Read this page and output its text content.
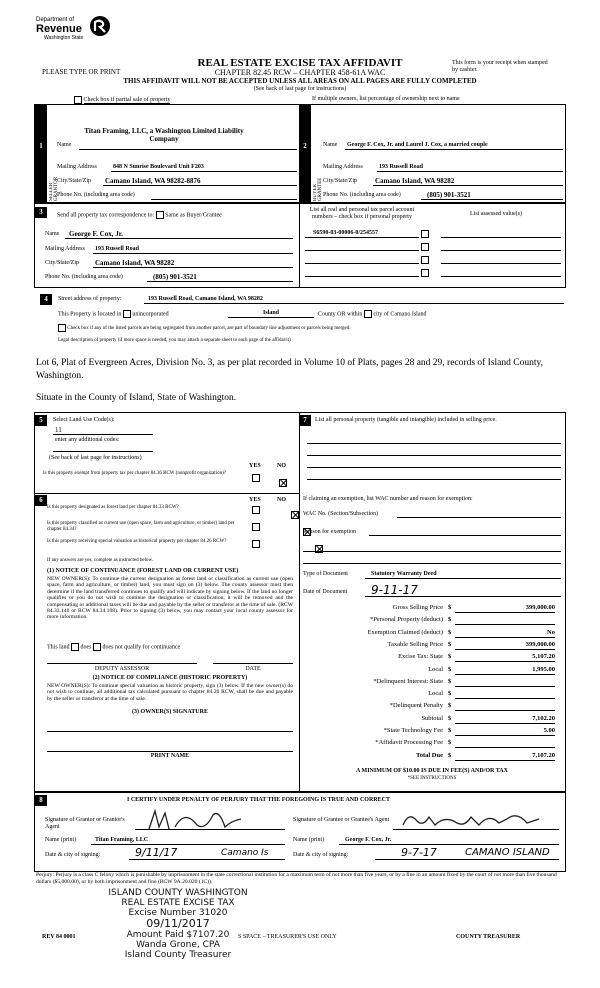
Department of
Revenue
Washington State
REAL ESTATE EXCISE TAX AFFIDAVIT
CHAPTER 82.45 RCW – CHAPTER 458-61A WAC
PLEASE TYPE OR PRINT
This form is your receipt when stamped by cashier.
THIS AFFIDAVIT WILL NOT BE ACCEPTED UNLESS ALL AREAS ON ALL PAGES ARE FULLY COMPLETED
(See back of last page for instructions)
Check box if partial sale of property	If multiple owners, list percentage of ownership next to name
1	2
SELLER GRANTOR	BUYER GRANTEE
Name
Titan Framing, LLC, a Washington Limited Liability Company
Mailing Address	848 N Sunrise Boulevard Unit F203
City/State/Zip Camano Island, WA 98282-8876
Phone No. (including area code)
Name George F. Cox, Jr. and Laurel J. Cox, a married couple
Mailing Address	193 Russell Road
City/State/Zip	Camano Island, WA 98282
Phone No. (including area code)	(805) 901-3521
3	Send all property tax correspondence to: Same as Buyer/Grantee
Name George F. Cox, Jr.
Mailing Address 193 Russell Road
City/State/Zip Camano Island, WA 98282
Phone No. (including area code)	(805) 901-3521
List all real and personal tax parcel account numbers – check box if personal property	List assessed value(s)
S6590-03-00006-0/254557
4	Street address of property:	193 Russell Road, Camano Island, WA 98282
This Property is located in unincorporated	Island	County OR within city of Camano Island
Check box if any of the listed parcels are being segregated from another parcel, are part of boundary line adjustment or parcels being merged.
Legal description of property (if more space is needed, you may attach a separate sheet to each page of the affidavit)
Lot 6, Plat of Evergreen Acres, Division No. 3, as per plat recorded in Volume 10 of Plats, pages 28 and 29, records of Island County, Washington.
Situate in the County of Island, State of Washington.
5	Select Land Use Code(s):
11
enter any additional codes:
(See back of last page for instructions)
YES	NO
Is this property exempt from property tax per chapter 84.36 RCW (nonprofit organization)?

6	YES	NO
Is this property designated as forest land per chapter 84.33 RCW?

Is this property classified as current use (open space, farm and agriculture, or timber) land per chapter 84.34?

Is this property receiving special valuation as historical property per chapter 84.26 RCW?
If any answers are yes, complete as instructed below.
(1) NOTICE OF CONTINUANCE (FOREST LAND OR CURRENT USE)
NEW OWNER(S): To continue the current designation as forest land or classification as current use (open space, farm and agriculture, or timber) land, you must sign on (3) below. The county assessor must then determine if the land transferred continues to qualify and will indicate by signing below. If the land no longer qualifies or you do not wish to continue the designation or classification, it will be removed and the compensating or additional taxes will be due and payable by the seller or transferor at the time of sale. (RCW 84.33.140 or RCW 84.34.108). Prior to signing (3) below, you may contact your local county assessor for more information.
This land does does not qualify for continuance
DEPUTY ASSESSOR	DATE
(2) NOTICE OF COMPLIANCE (HISTORIC PROPERTY)
NEW OWNER(S): To continue special valuation as historic property, sign (3) below. If the new owner(s) do not wish to continue, all additional tax calculated pursuant to chapter 84.26 RCW, shall be due and payable by the seller or transferor at the time of sale.
(3) OWNER(S) SIGNATURE
PRINT NAME
7	List all personal property (tangible and intangible) included in selling price.
If claiming an exemption, list WAC number and reason for exemption:
WAC No. (Section/Subsection)
Reason for exemption
Type of Document	Statutory Warranty Deed
Date of Document 9-11-17
Gross Selling Price $	399,000.00
*Personal Property (deduct) $
Exemption Claimed (deduct) $	No
Taxable Selling Price $	399,000.00
Excise Tax: State $	5,107.20
Local $	1,995.00
*Delinquent Interest: State $
Local $
*Delinquent Penalty $
Subtotal $	7,102.20
*State Technology Fee $	5.00
*Affidavit Processing Fee $
Total Due $	7,107.20
A MINIMUM OF $10.00 IS DUE IN FEE(S) AND/OR TAX
*SEE INSTRUCTIONS
8	I CERTIFY UNDER PENALTY OF PERJURY THAT THE FOREGOING IS TRUE AND CORRECT
Signature of Grantor or Grantor's Agent
Signature of Grantee or Grantee's Agent
Name (print)	Titan Framing, LLC	Name (print)	George F. Cox, Jr.
Date & city of signing:	9/11/17	Camano Is	Date & city of signing:	9-7-17	CAMANO ISLAND
Perjury: Perjury is a class C felony which is punishable by imprisonment in the state correctional institution for a maximum term of not more than five years, or by a fine in an amount fixed by the court of not more than five thousand dollars ($5,000.00), or by both imprisonment and fine (RCW 9A.20.020 (1C)).
ISLAND COUNTY WASHINGTON
REAL ESTATE EXCISE TAX
Excise Number 31020
09/11/2017
Amount Paid $7107.20
Wanda Grone, CPA
Island County Treasurer
REV 84 0001	S SPACE – TREASURER'S USE ONLY	COUNTY TREASURER
